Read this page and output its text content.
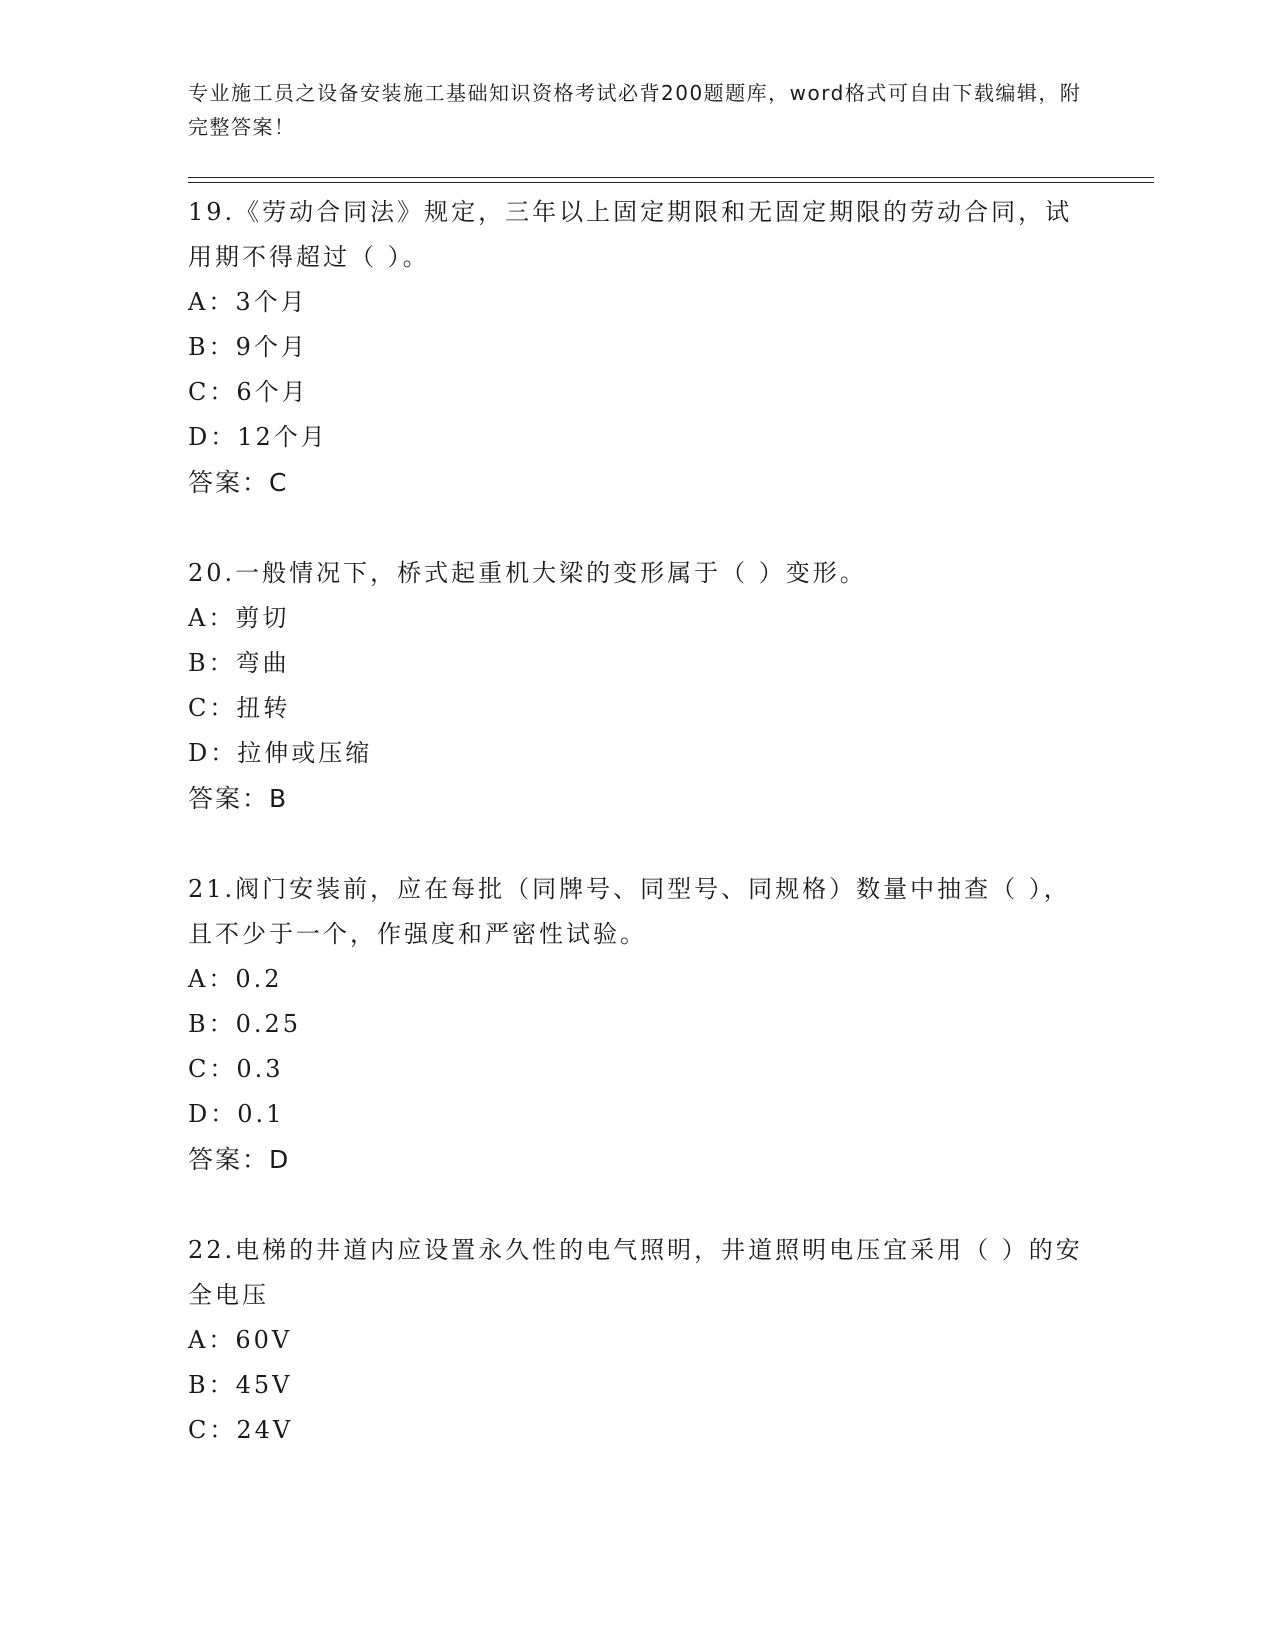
专业施工员之设备安装施工基础知识资格考试必背200题题库，word格式可自由下载编辑，附完整答案！

19.《劳动合同法》规定，三年以上固定期限和无固定期限的劳动合同，试用期不得超过（ ）。

A：3个月

B：9个月

C：6个月

D：12个月

答案：C

20.一般情况下，桥式起重机大梁的变形属于（ ）变形。

A：剪切

B：弯曲

C：扭转

D：拉伸或压缩

答案：B

21.阀门安装前，应在每批（同牌号、同型号、同规格）数量中抽查（ ），且不少于一个，作强度和严密性试验。

A：0.2

B：0.25

C：0.3

D：0.1

答案：D

22.电梯的井道内应设置永久性的电气照明，井道照明电压宜采用（ ）的安全电压

A：60V

B：45V

C：24V
